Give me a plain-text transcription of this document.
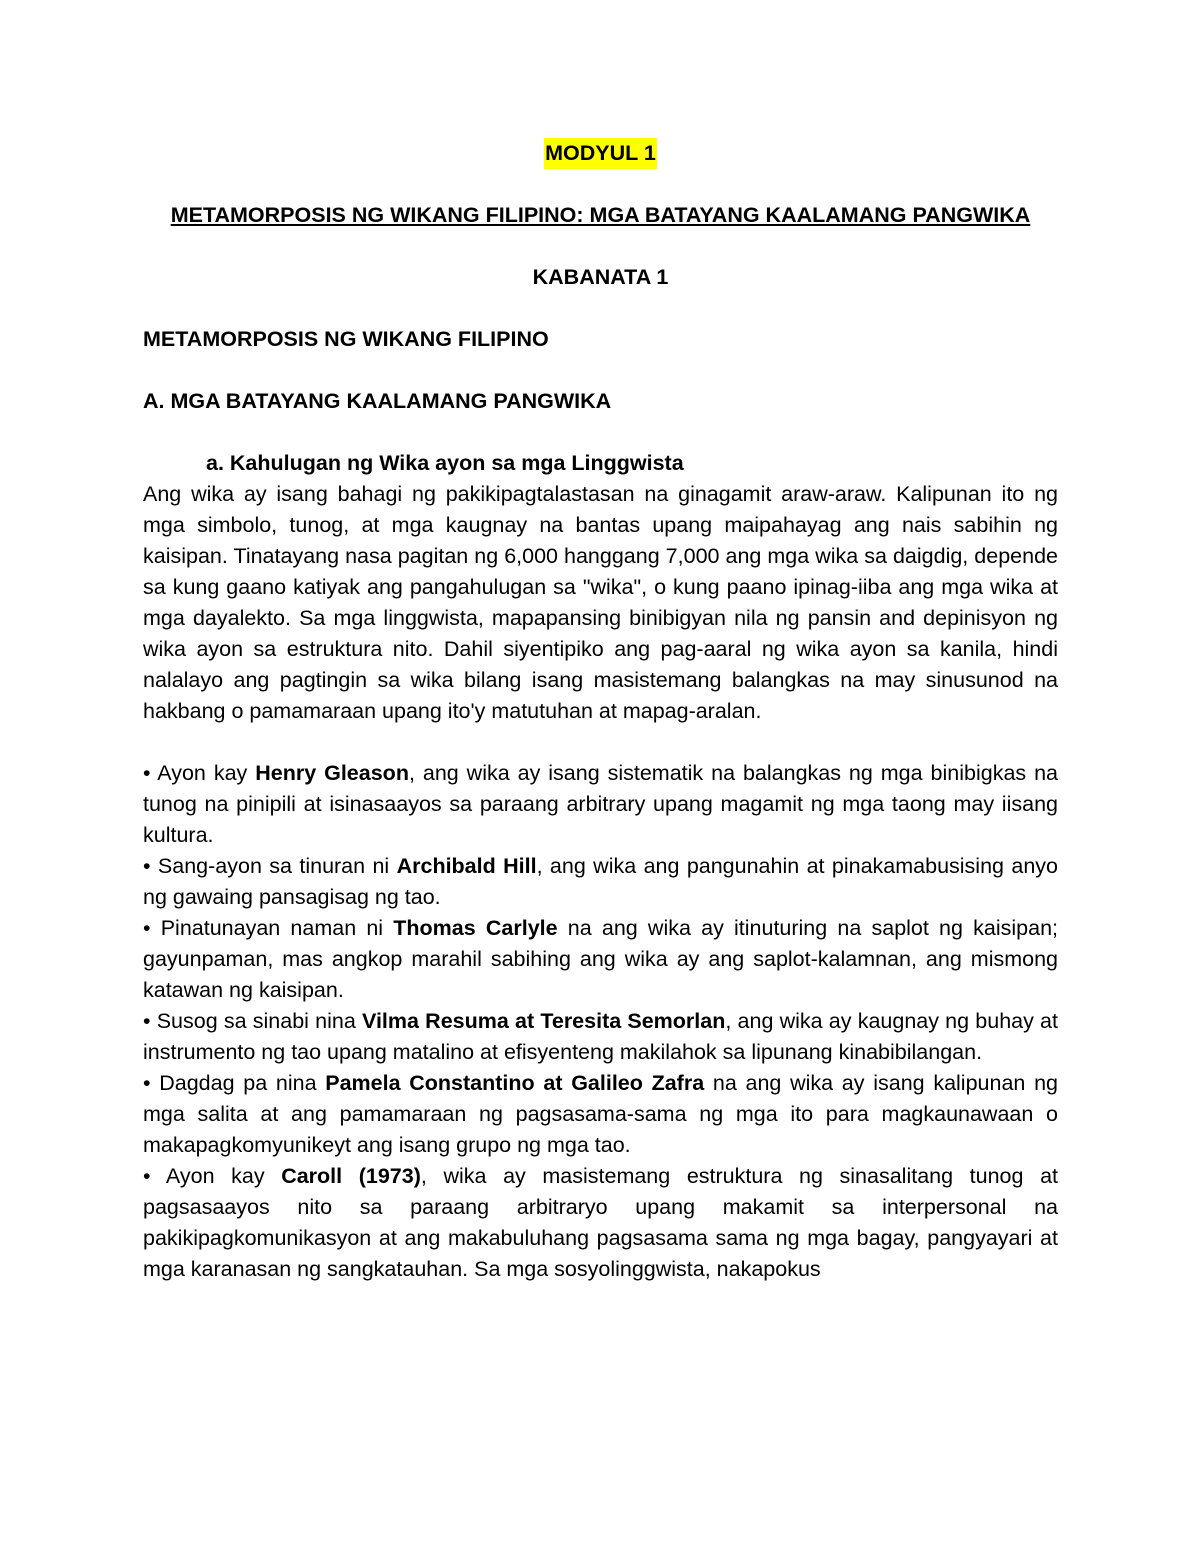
MODYUL 1
METAMORPOSIS NG WIKANG FILIPINO: MGA BATAYANG KAALAMANG PANGWIKA
KABANATA 1
METAMORPOSIS NG WIKANG FILIPINO
A. MGA BATAYANG KAALAMANG PANGWIKA
a. Kahulugan ng Wika ayon sa mga Linggwista

Ang wika ay isang bahagi ng pakikipagtalastasan na ginagamit araw-araw. Kalipunan ito ng mga simbolo, tunog, at mga kaugnay na bantas upang maipahayag ang nais sabihin ng kaisipan. Tinatayang nasa pagitan ng 6,000 hanggang 7,000 ang mga wika sa daigdig, depende sa kung gaano katiyak ang pangahulugan sa "wika", o kung paano ipinag-iiba ang mga wika at mga dayalekto. Sa mga linggwista, mapapansing binibigyan nila ng pansin and depinisyon ng wika ayon sa estruktura nito. Dahil siyentipiko ang pag-aaral ng wika ayon sa kanila, hindi nalalayo ang pagtingin sa wika bilang isang masistemang balangkas na may sinusunod na hakbang o pamamaraan upang ito'y matutuhan at mapag-aralan.

• Ayon kay Henry Gleason, ang wika ay isang sistematik na balangkas ng mga binibigkas na tunog na pinipili at isinasaayos sa paraang arbitrary upang magamit ng mga taong may iisang kultura.

• Sang-ayon sa tinuran ni Archibald Hill, ang wika ang pangunahin at pinakamabusising anyo ng gawaing pansagisag ng tao.

• Pinatunayan naman ni Thomas Carlyle na ang wika ay itinuturing na saplot ng kaisipan; gayunpaman, mas angkop marahil sabihing ang wika ay ang saplot-kalamnan, ang mismong katawan ng kaisipan.

• Susog sa sinabi nina Vilma Resuma at Teresita Semorlan, ang wika ay kaugnay ng buhay at instrumento ng tao upang matalino at efisyenteng makilahok sa lipunang kinabibilangan.

• Dagdag pa nina Pamela Constantino at Galileo Zafra na ang wika ay isang kalipunan ng mga salita at ang pamamaraan ng pagsasama-sama ng mga ito para magkaunawaan o makapagkomyunikeyt ang isang grupo ng mga tao.

• Ayon kay Caroll (1973), wika ay masistemang estruktura ng sinasalitang tunog at pagsasaayos nito sa paraang arbitraryo upang makamit sa interpersonal na pakikipagkomunikasyon at ang makabuluhang pagsasama sama ng mga bagay, pangyayari at mga karanasan ng sangkatauhan. Sa mga sosyolinggwista, nakapokus
